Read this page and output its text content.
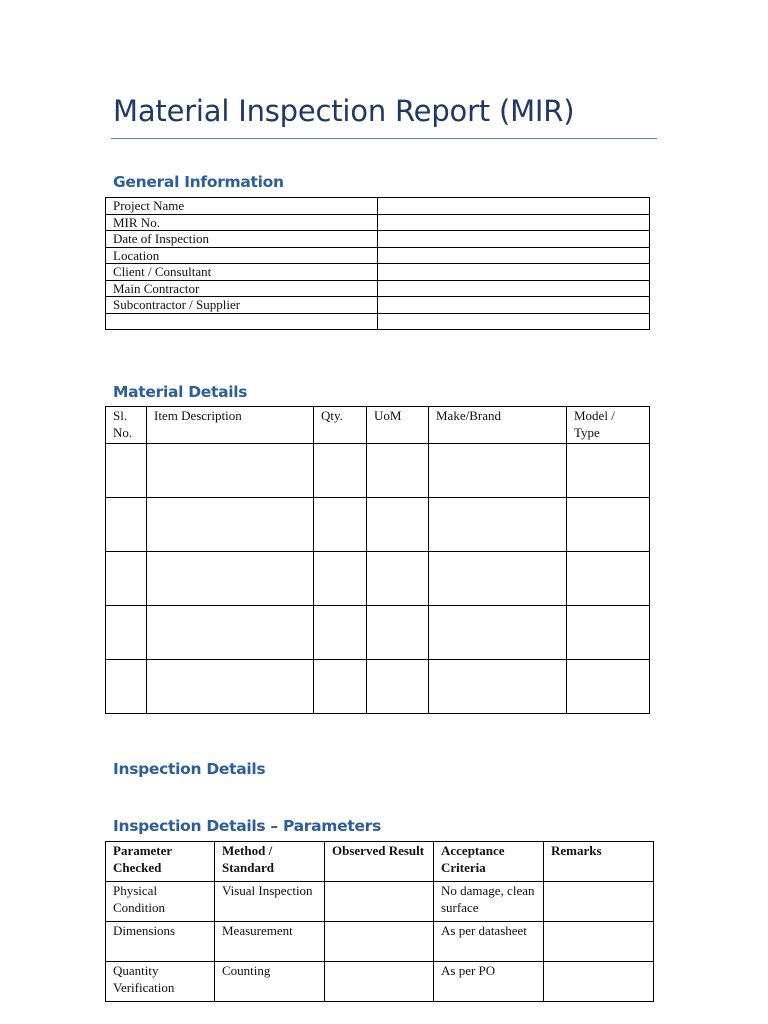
Material Inspection Report (MIR)
General Information
Project Name	
MIR No.	
Date of Inspection	
Location	
Client / Consultant	
Main Contractor	
Subcontractor / Supplier	

Material Details
Sl. No.	Item Description	Qty.	UoM	Make/Brand	Model / Type

Inspection Details
Inspection Details – Parameters
Parameter Checked	Method / Standard	Observed Result	Acceptance Criteria	Remarks
Physical Condition	Visual Inspection		No damage, clean surface	
Dimensions	Measurement		As per datasheet	
Quantity Verification	Counting		As per PO	
